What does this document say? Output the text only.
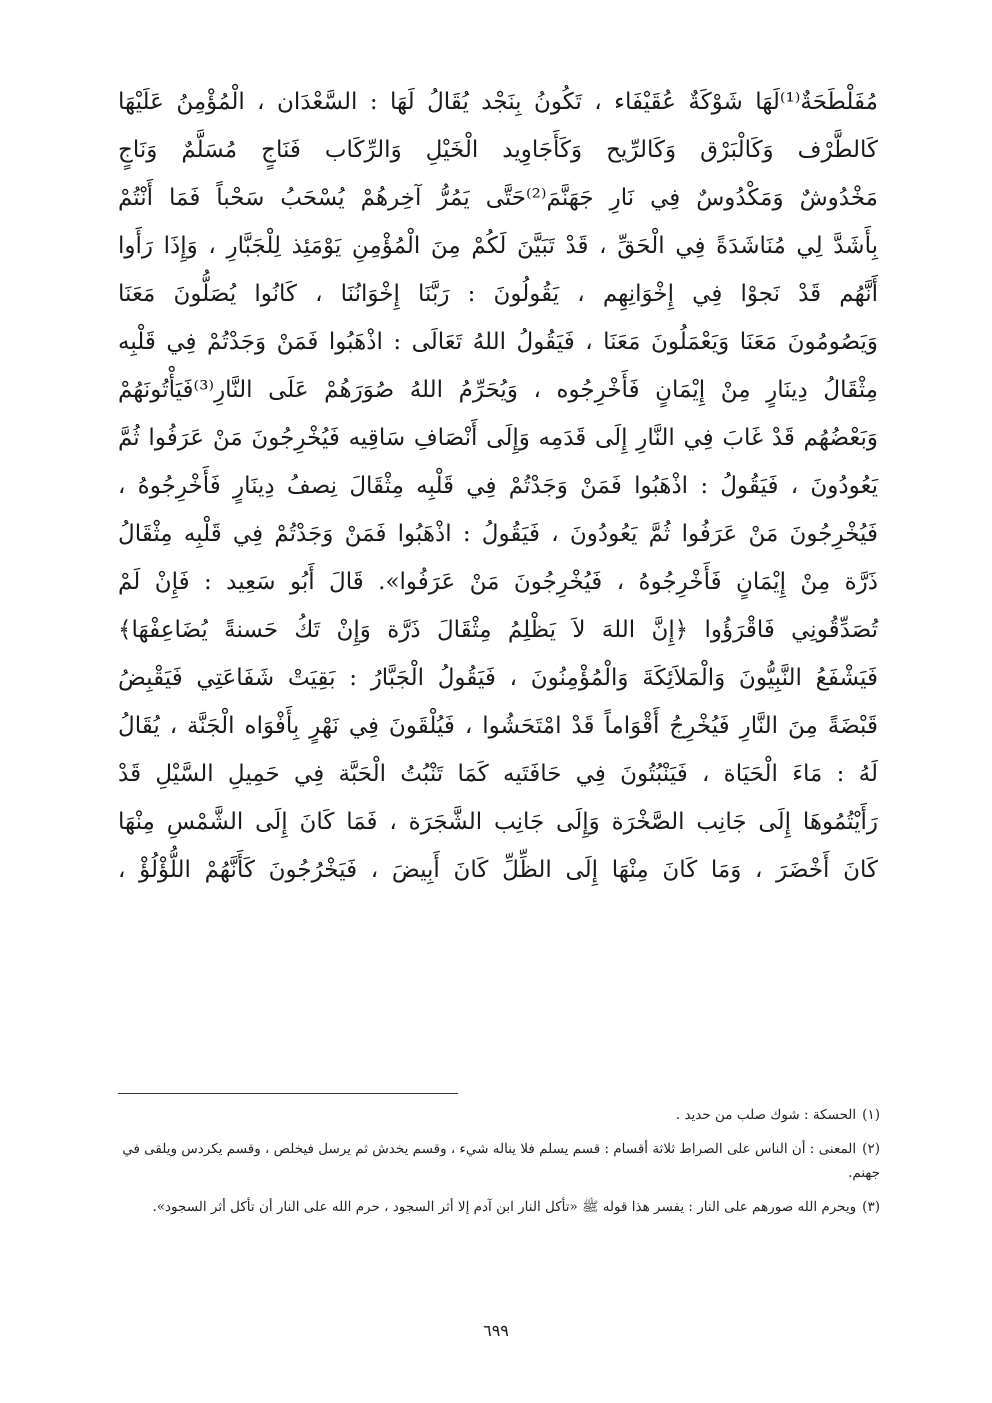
مُفَلْطَحَةٌ⁽¹⁾لَهَا شَوْكَةٌ عُقَيْفَاء ، تَكُونُ بِنَجْد يُقَالُ لَهَا : السَّعْدَان ، الْمُؤْمِنُ عَلَيْهَا
كَالطَّرْف وَكَالْبَرْق وَكَالرِّيح وَكَأَجَاوِيد الْخَيْلِ وَالرِّكَاب فَنَاجٍ مُسَلَّمٌ وَنَاجٍ
مَخْدُوشٌ وَمَكْدُوسٌ فِي نَارِ جَهَنَّمَ⁽²⁾حَتَّى يَمُرُّ آخِرهُمْ يُسْحَبُ سَحْباً فَمَا أَنْتُمْ
بِأَشَدَّ لِي مُنَاشَدَةً فِي الْحَقِّ ، قَدْ تَبَيَّنَ لَكُمْ مِنَ الْمُؤْمِنِ يَوْمَئِذ لِلْجَبَّارِ ، وَإِذَا رَأَوا
أَنَّهُم قَدْ نَجوْا فِي إِخْوَانِهِم ، يَقُولُونَ : رَبَّنَا إِخْوَانُنَا ، كَانُوا يُصَلُّونَ مَعَنَا
وَيَصُومُونَ مَعَنَا وَيَعْمَلُونَ مَعَنَا ، فَيَقُولُ اللهُ تَعَالَى : اذْهَبُوا فَمَنْ وَجَدْتُمْ فِي قَلْبِه
مِثْقَالُ دِينَارٍ مِنْ إِيْمَانٍ فَأَخْرِجُوه ، وَيُحَرِّمُ اللهُ صُوَرَهُمْ عَلَى النَّارِ⁽³⁾فَيَأْتُونَهُمْ
وَبَعْضُهُم قَدْ غَابَ فِي النَّارِ إِلَى قَدَمِه وَإِلَى أَنْصَافِ سَاقِيه فَيُخْرِجُونَ مَنْ عَرَفُوا ثُمَّ
يَعُودُونَ ، فَيَقُولُ : اذْهَبُوا فَمَنْ وَجَدْتُمْ فِي قَلْبِه مِثْقَالَ نِصفُ دِينَارٍ فَأَخْرِجُوهُ ،
فَيُخْرِجُونَ مَنْ عَرَفُوا ثُمَّ يَعُودُونَ ، فَيَقُولُ : اذْهَبُوا فَمَنْ وَجَدْتُمْ فِي قَلْبِه مِثْقَالُ
ذَرَّة مِنْ إِيْمَانٍ فَأَخْرِجُوهُ ، فَيُخْرِجُونَ مَنْ عَرَفُوا». قَالَ أَبُو سَعِيد : فَإِنْ لَمْ
تُصَدِّقُونِي فَاقْرَؤُوا ﴿إِنَّ اللهَ لاَ يَظْلِمُ مِثْقَالَ ذَرَّة وَإِنْ تَكُ حَسنةً يُضَاعِفْهَا﴾
فَيَشْفَعُ النَّبِيُّونَ وَالْمَلاَئِكَةَ وَالْمُؤْمِنُونَ ، فَيَقُولُ الْجَبَّارُ : بَقِيَتْ شَفَاعَتِي فَيَقْبِضُ
قَبْضَةً مِنَ النَّارِ فَيُخْرِجُ أَقْوَاماً قَدْ امْتَحَشُوا ، فَيُلْقَونَ فِي نَهْرٍ بِأَفْوَاه الْجَنَّة ، يُقَالُ
لَهُ : مَاءَ الْحَيَاة ، فَيَنْبُتُونَ فِي حَافَتَيه كَمَا تَنْبُتُ الْحَبَّة فِي حَمِيلِ السَّيْلِ قَدْ
رَأَيْتُمُوهَا إِلَى جَانِب الصَّخْرَة وَإِلَى جَانِب الشَّجَرَة ، فَمَا كَانَ إِلَى الشَّمْسِ مِنْهَا
كَانَ أَخْضَرَ ، وَمَا كَانَ مِنْهَا إِلَى الظِّلِّ كَانَ أَبِيضَ ، فَيَخْرُجُونَ كَأَنَّهُمْ اللُّؤْلُؤْ ،

(١)الحسكة : شوك صلب من حديد .

(٢)المعنى : أن الناس على الصراط ثلاثة أقسام : قسم يسلم فلا يناله شيء ، وقسم يخدش ثم يرسل فيخلص ، وقسم يكردس ويلقى في جهنم.

(٣)ويحرم الله صورهم على النار : يفسر هذا قوله ﷺ «تأكل النار ابن آدم إلا أثر السجود ، حرم الله على النار أن تأكل أثر السجود».

٦٩٩
